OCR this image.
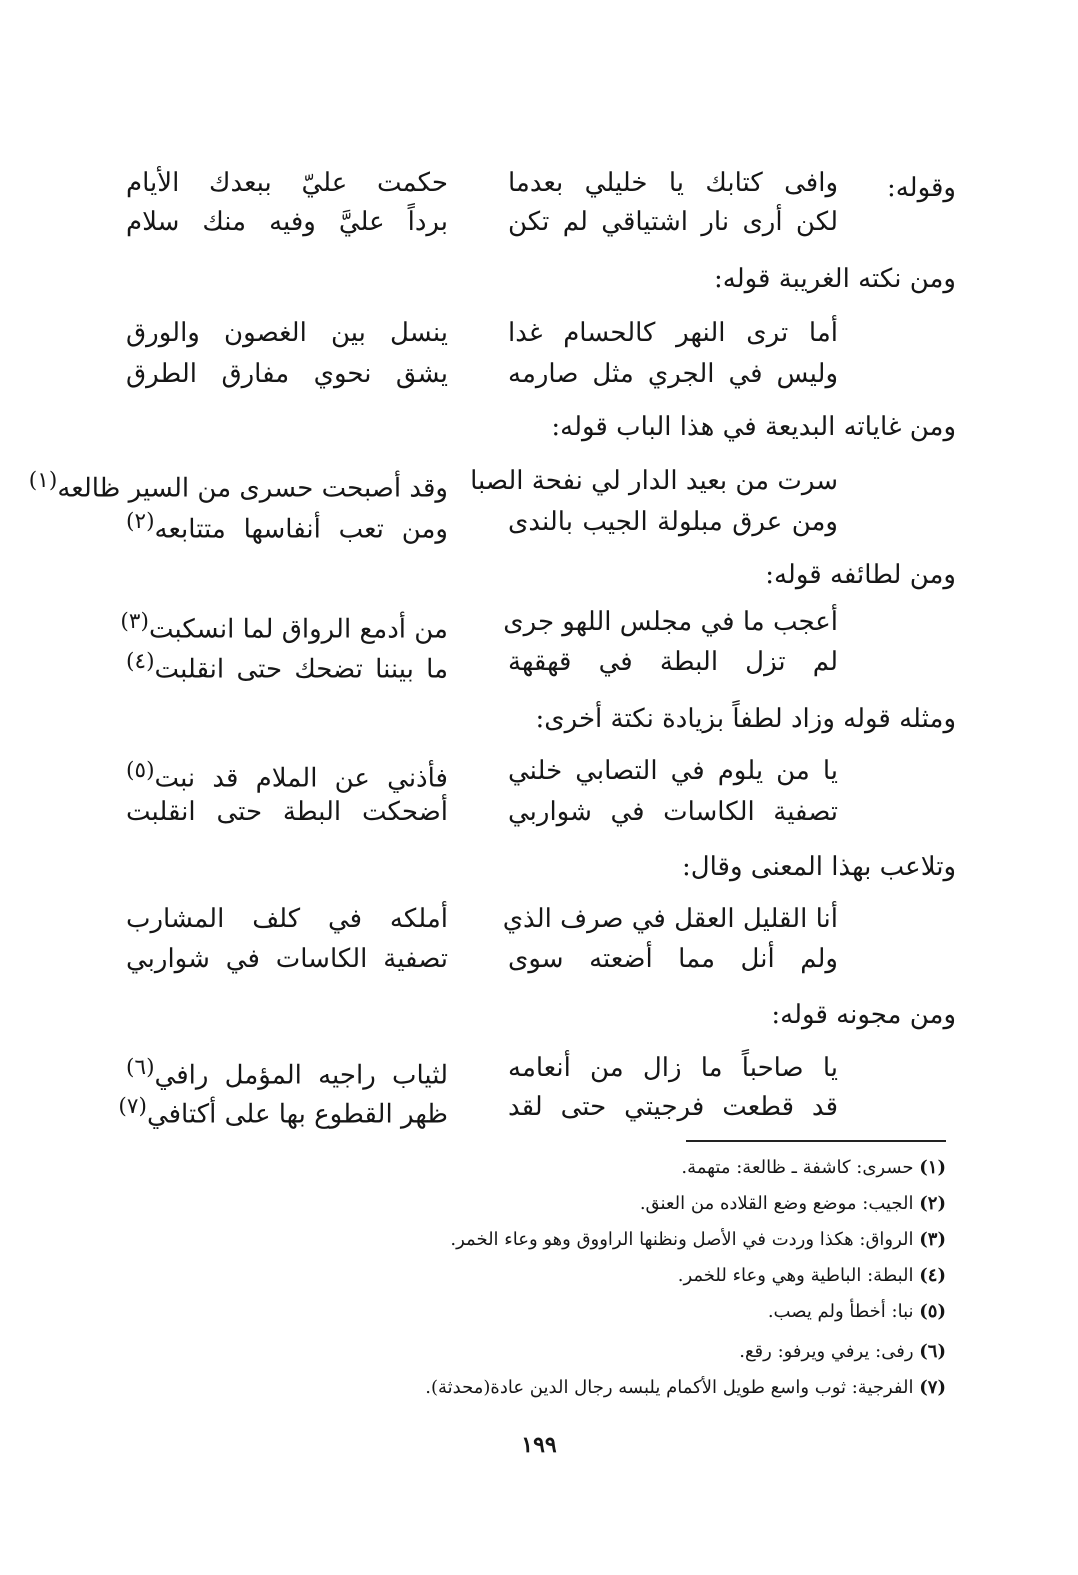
وقوله:
وافى كتابك يا خليلي بعدما
حكمت عليّ ببعدك الأيام
لكن أرى نار اشتياقي لم تكن
برداً عليَّ وفيه منك سلام
ومن نكته الغريبة قوله:
أما ترى النهر كالحسام غدا
ينسل بين الغصون والورق
وليس في الجري مثل صارمه
يشق نحوي مفارق الطرق
ومن غاياته البديعة في هذا الباب قوله:
سرت من بعيد الدار لي نفحة الصبا
وقد أصبحت حسرى من السير ظالعه$^{(١)}$
ومن عرق مبلولة الجيب بالندى
ومن تعب أنفاسها متتابعه$^{(٢)}$
ومن لطائفه قوله:
أعجب ما في مجلس اللهو جرى
من أدمع الرواق لما انسكبت$^{(٣)}$
لم تزل البطة في قهقهة
ما بيننا تضحك حتى انقلبت$^{(٤)}$
ومثله قوله وزاد لطفاً بزيادة نكتة أخرى:
يا من يلوم في التصابي خلني
فأذني عن الملام قد نبت$^{(٥)}$
تصفية الكاسات في شواربي
أضحكت البطة حتى انقلبت
وتلاعب بهذا المعنى وقال:
أنا القليل العقل في صرف الذي
أملكه في كلف المشارب
ولم أنل مما أضعته سوى
تصفية الكاسات في شواربي
ومن مجونه قوله:
يا صاحباً ما زال من أنعامه
لثياب راجيه المؤمل رافي$^{(٦)}$
قد قطعت فرجيتي حتى لقد
ظهر القطوع بها على أكتافي$^{(٧)}$
(١) حسرى: كاشفة ـ ظالعة: متهمة.
(٢) الجيب: موضع وضع القلاده من العنق.
(٣) الرواق: هكذا وردت في الأصل ونظنها الراووق وهو وعاء الخمر.
(٤) البطة: الباطية وهي وعاء للخمر.
(٥) نبا: أخطأ ولم يصب.
(٦) رفى: يرفي ويرفو: رقع.
(٧) الفرجية: ثوب واسع طويل الأكمام يلبسه رجال الدين عادة(محدثة).
١٩٩
